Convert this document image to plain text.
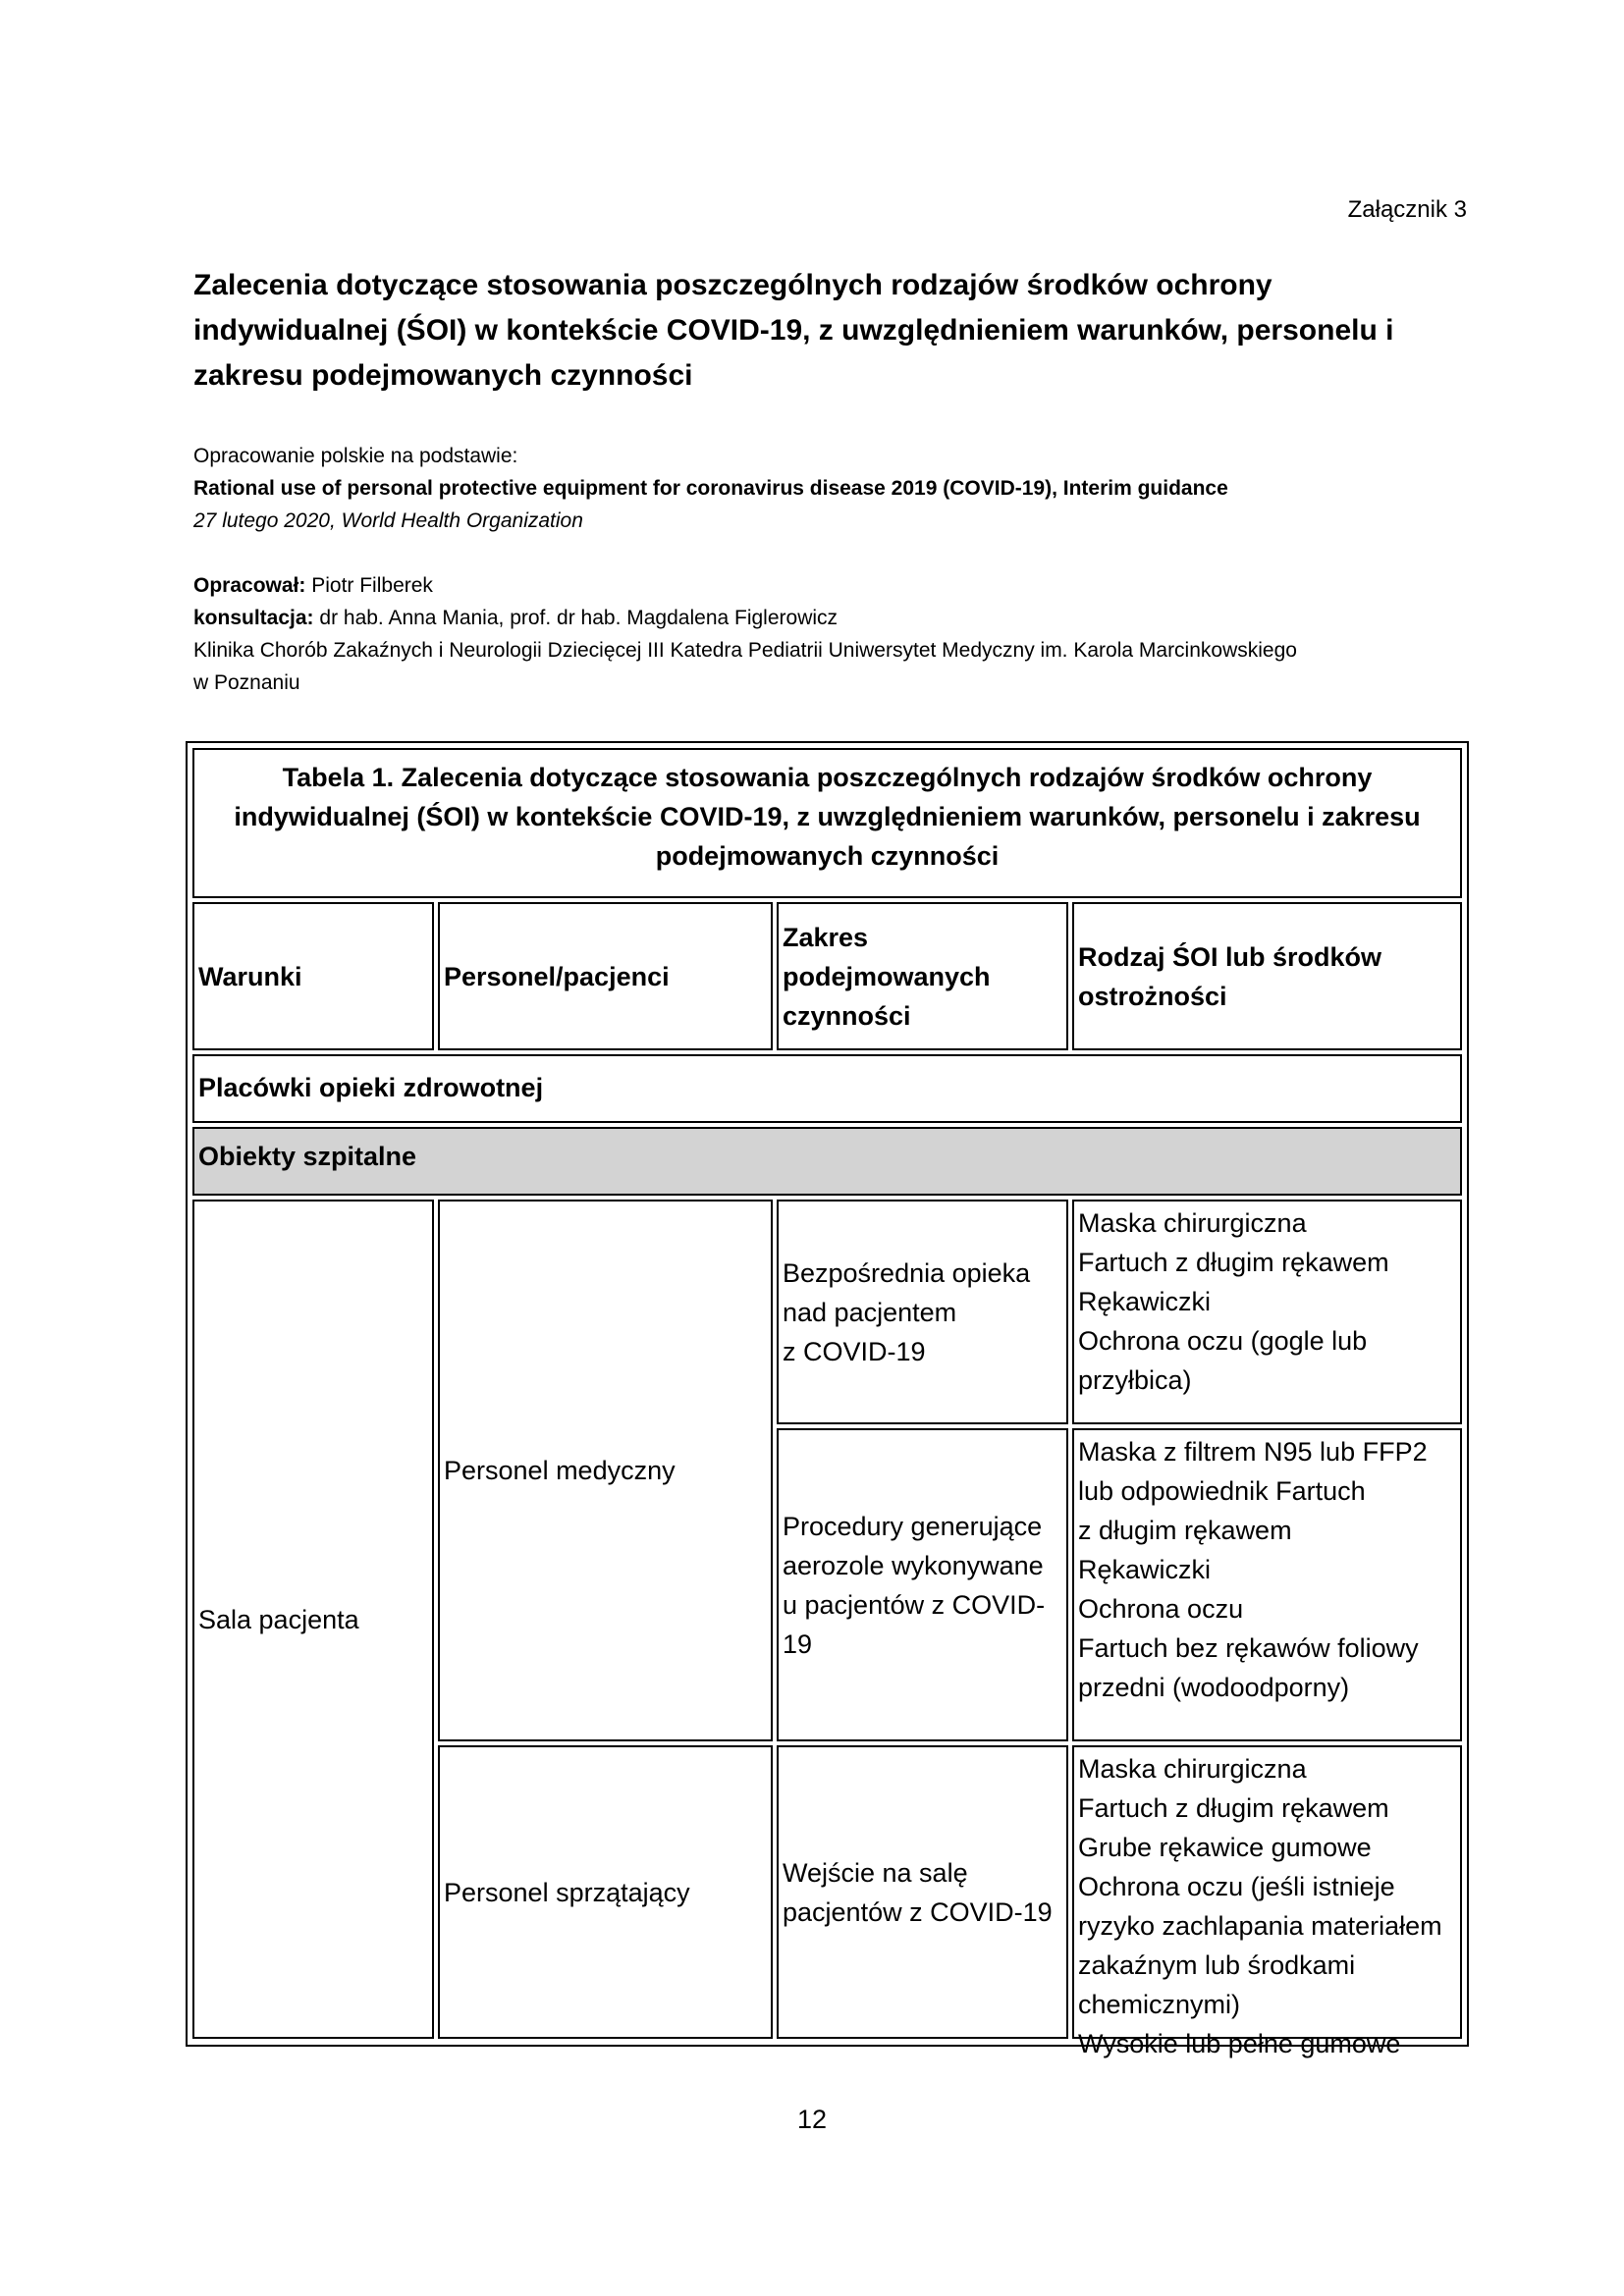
Załącznik 3
Zalecenia dotyczące stosowania poszczególnych rodzajów środków ochrony indywidualnej (ŚOI) w kontekście COVID-19, z uwzględnieniem warunków, personelu i zakresu podejmowanych czynności
Opracowanie polskie na podstawie:
Rational use of personal protective equipment for coronavirus disease 2019 (COVID-19), Interim guidance
27 lutego 2020, World Health Organization
Opracował: Piotr Filberek
konsultacja: dr hab. Anna Mania, prof. dr hab. Magdalena Figlerowicz
Klinika Chorób Zakaźnych i Neurologii Dziecięcej III Katedra Pediatrii Uniwersytet Medyczny im. Karola Marcinkowskiego
w Poznaniu
Tabela 1. Zalecenia dotyczące stosowania poszczególnych rodzajów środków ochrony indywidualnej (ŚOI) w kontekście COVID-19, z uwzględnieniem warunków, personelu i zakresu podejmowanych czynności
Warunki	Personel/pacjenci
Zakres
podejmowanych
czynności
Rodzaj ŚOI lub środków
ostrożności
Placówki opieki zdrowotnej
Obiekty szpitalne
Sala pacjenta
Personel medyczny
Personel sprzątający
Bezpośrednia opieka
nad pacjentem
z COVID-19
Procedury generujące
aerozole wykonywane
u pacjentów z COVID-
19
Wejście na salę
pacjentów z COVID-19
Maska chirurgiczna
Fartuch z długim rękawem
Rękawiczki
Ochrona oczu (gogle lub
przyłbica)
Maska z filtrem N95 lub FFP2
lub odpowiednik Fartuch
z długim rękawem
Rękawiczki
Ochrona oczu
Fartuch bez rękawów foliowy
przedni (wodoodporny)
Maska chirurgiczna
Fartuch z długim rękawem
Grube rękawice gumowe
Ochrona oczu (jeśli istnieje
ryzyko zachlapania materiałem
zakaźnym lub środkami
chemicznymi)
Wysokie lub pełne gumowe
12
